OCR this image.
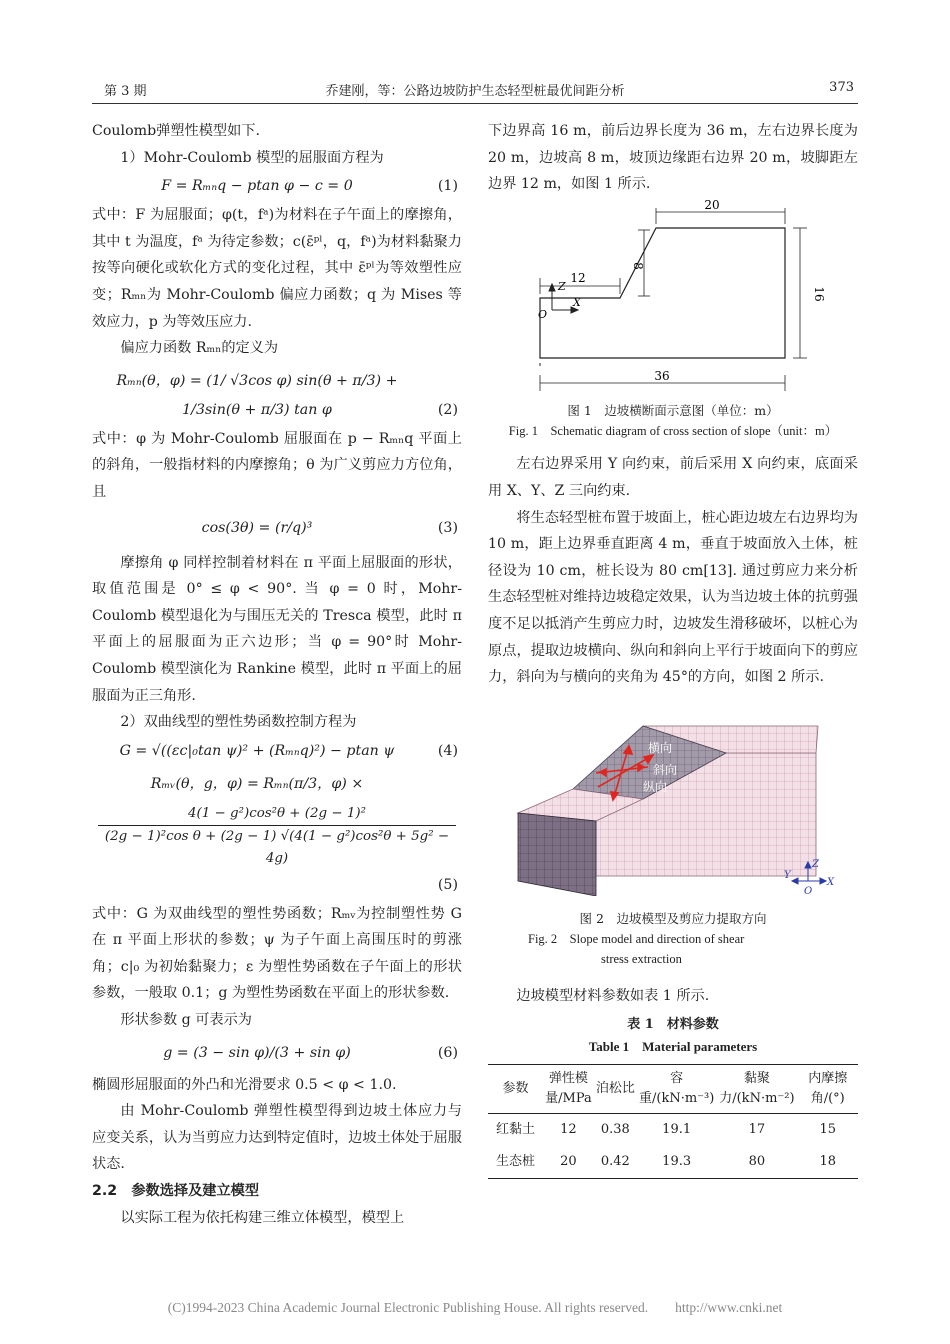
第 3 期	乔建刚，等：公路边坡防护生态轻型桩最优间距分析	373

Coulomb弹塑性模型如下.

1）Mohr-Coulomb 模型的屈服面方程为

F = Rₘₙq − ptan φ − c = 0	(1)

式中：F 为屈服面；φ(t，fᵃ)为材料在子午面上的摩擦角，其中 t 为温度，fᵃ 为待定参数；c(ε̄ᵖˡ，q，fᵃ)为材料黏聚力按等向硬化或软化方式的变化过程，其中 ε̄ᵖˡ为等效塑性应变；Rₘₙ为 Mohr-Coulomb 偏应力函数；q 为 Mises 等效应力，p 为等效压应力.

偏应力函数 Rₘₙ的定义为

Rₘₙ(θ，φ) = (1/ √3cos φ) sin(θ + π/3) +
1/3sin(θ + π/3) tan φ	(2)

式中：φ 为 Mohr-Coulomb 屈服面在 p − Rₘₙq 平面上的斜角，一般指材料的内摩擦角；θ 为广义剪应力方位角，且

cos(3θ) = (r/q)³	(3)

摩擦角 φ 同样控制着材料在 π 平面上屈服面的形状，取值范围是 0° ≤ φ < 90°. 当 φ = 0 时，Mohr-Coulomb 模型退化为与围压无关的 Tresca 模型，此时 π 平面上的屈服面为正六边形；当 φ = 90°时 Mohr-Coulomb 模型演化为 Rankine 模型，此时 π 平面上的屈服面为正三角形.

2）双曲线型的塑性势函数控制方程为

G = √((εc|₀tan ψ)² + (Rₘₙq)²) − ptan ψ	(4)
Rₘᵥ(θ，g，φ) = Rₘₙ(π/3，φ) ×
4(1 − g²)cos²θ + (2g − 1)²
(2g − 1)²cos θ + (2g − 1) √(4(1 − g²)cos²θ + 5g² − 4g)
(5)

式中：G 为双曲线型的塑性势函数；Rₘᵥ为控制塑性势 G 在 π 平面上形状的参数；ψ 为子午面上高围压时的剪涨角；c|₀ 为初始黏聚力；ε 为塑性势函数在子午面上的形状参数，一般取 0.1；g 为塑性势函数在平面上的形状参数.

形状参数 g 可表示为

g = (3 − sin φ)/(3 + sin φ)	(6)

椭圆形屈服面的外凸和光滑要求 0.5 < φ < 1.0.

由 Mohr-Coulomb 弹塑性模型得到边坡土体应力与应变关系，认为当剪应力达到特定值时，边坡土体处于屈服状态.

2.2　参数选择及建立模型

以实际工程为依托构建三维立体模型，模型上

下边界高 16 m，前后边界长度为 36 m，左右边界长度为 20 m，边坡高 8 m，坡顶边缘距右边界 20 m，坡脚距左边界 12 m，如图 1 所示.

Z
X
O
20
12
8
16
36

图 1　边坡横断面示意图（单位：m）

Fig. 1　Schematic diagram of cross section of slope（unit：m）

左右边界采用 Y 向约束，前后采用 X 向约束，底面采用 X、Y、Z 三向约束.

将生态轻型桩布置于坡面上，桩心距边坡左右边界均为 10 m，距上边界垂直距离 4 m，垂直于坡面放入土体，桩径设为 10 cm，桩长设为 80 cm[13]. 通过剪应力来分析生态轻型桩对维持边坡稳定效果，认为当边坡土体的抗剪强度不足以抵消产生剪应力时，边坡发生滑移破坏，以桩心为原点，提取边坡横向、纵向和斜向上平行于坡面向下的剪应力，斜向为与横向的夹角为 45°的方向，如图 2 所示.

横向
斜向
纵向
Z
Y
X
O

图 2　边坡模型及剪应力提取方向

Fig. 2　Slope model and direction of shear

stress extraction

边坡模型材料参数如表 1 所示.

表 1　材料参数

Table 1　Material parameters

参数	弹性模量/MPa	泊松比	容重/(kN·m⁻³)	黏聚力/(kN·m⁻²)	内摩擦角/(°)
红黏土	12	0.38	19.1	17	15
生态桩	20	0.42	19.3	80	18
(C)1994-2023 China Academic Journal Electronic Publishing House. All rights reserved.　　http://www.cnki.net
